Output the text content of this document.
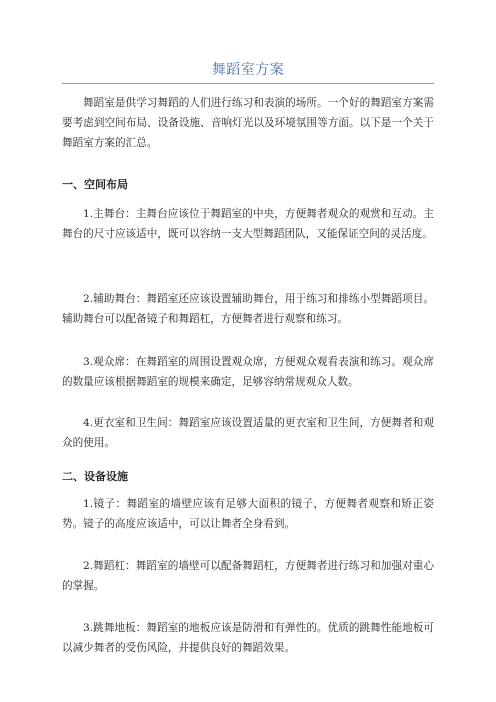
舞蹈室方案

舞蹈室是供学习舞蹈的人们进行练习和表演的场所。一个好的舞蹈室方案需要考虑到空间布局、设备设施、音响灯光以及环境氛围等方面。以下是一个关于舞蹈室方案的汇总。

一、空间布局

1.主舞台：主舞台应该位于舞蹈室的中央，方便舞者观众的观赏和互动。主舞台的尺寸应该适中，既可以容纳一支大型舞蹈团队，又能保证空间的灵活度。

2.辅助舞台：舞蹈室还应该设置辅助舞台，用于练习和排练小型舞蹈项目。辅助舞台可以配备镜子和舞蹈杠，方便舞者进行观察和练习。

3.观众席：在舞蹈室的周围设置观众席，方便观众观看表演和练习。观众席的数量应该根据舞蹈室的规模来确定，足够容纳常规观众人数。

4.更衣室和卫生间：舞蹈室应该设置适量的更衣室和卫生间，方便舞者和观众的使用。

二、设备设施

1.镜子：舞蹈室的墙壁应该有足够大面积的镜子，方便舞者观察和矫正姿势。镜子的高度应该适中，可以让舞者全身看到。

2.舞蹈杠：舞蹈室的墙壁可以配备舞蹈杠，方便舞者进行练习和加强对重心的掌握。

3.跳舞地板：舞蹈室的地板应该是防滑和有弹性的。优质的跳舞性能地板可以减少舞者的受伤风险，并提供良好的舞蹈效果。
